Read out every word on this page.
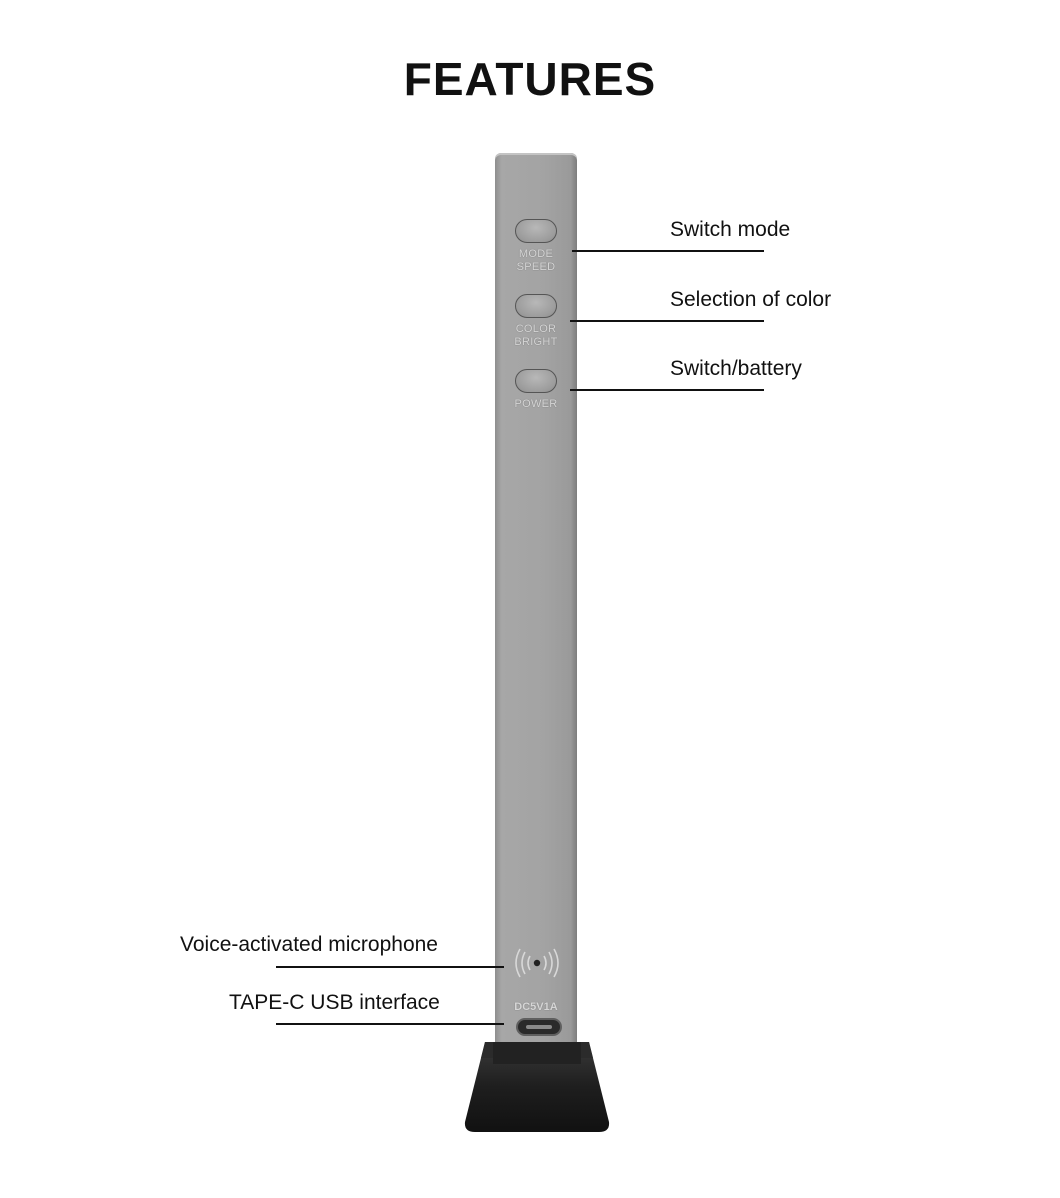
FEATURES
MODE
SPEED
COLOR
BRIGHT
POWER
DC5V1A
Switch mode
Selection of color
Switch/battery
Voice-activated microphone
TAPE-C USB interface
